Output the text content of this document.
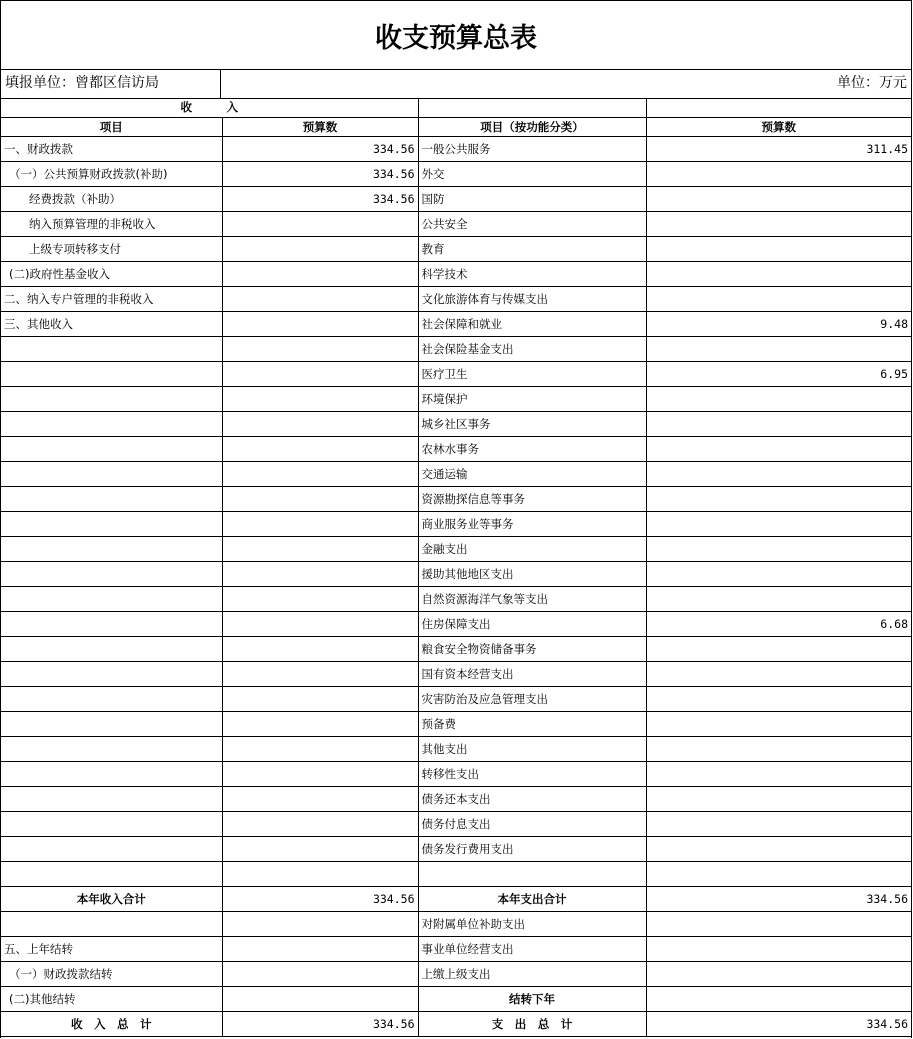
收支预算总表
填报单位：曾都区信访局	单位：万元
收　　　入			
项目	预算数	项目（按功能分类）	预算数
一、财政拨款	334.56	一般公共服务	311.45
（一）公共预算财政拨款(补助)	334.56	外交	
经费拨款（补助）	334.56	国防	
纳入预算管理的非税收入		公共安全	
上级专项转移支付		教育	
(二)政府性基金收入		科学技术	
二、纳入专户管理的非税收入		文化旅游体育与传媒支出	
三、其他收入		社会保障和就业	9.48
		社会保险基金支出	
		医疗卫生	6.95
		环境保护	
		城乡社区事务	
		农林水事务	
		交通运输	
		资源勘探信息等事务	
		商业服务业等事务	
		金融支出	
		援助其他地区支出	
		自然资源海洋气象等支出	
		住房保障支出	6.68
		粮食安全物资储备事务	
		国有资本经营支出	
		灾害防治及应急管理支出	
		预备费	
		其他支出	
		转移性支出	
		债务还本支出	
		债务付息支出	
		债务发行费用支出	

本年收入合计	334.56	本年支出合计	334.56
		对附属单位补助支出	
五、上年结转		事业单位经营支出	
（一）财政拨款结转		上缴上级支出	
(二)其他结转		结转下年	
收　入　总　计	334.56	支　出　总　计	334.56
